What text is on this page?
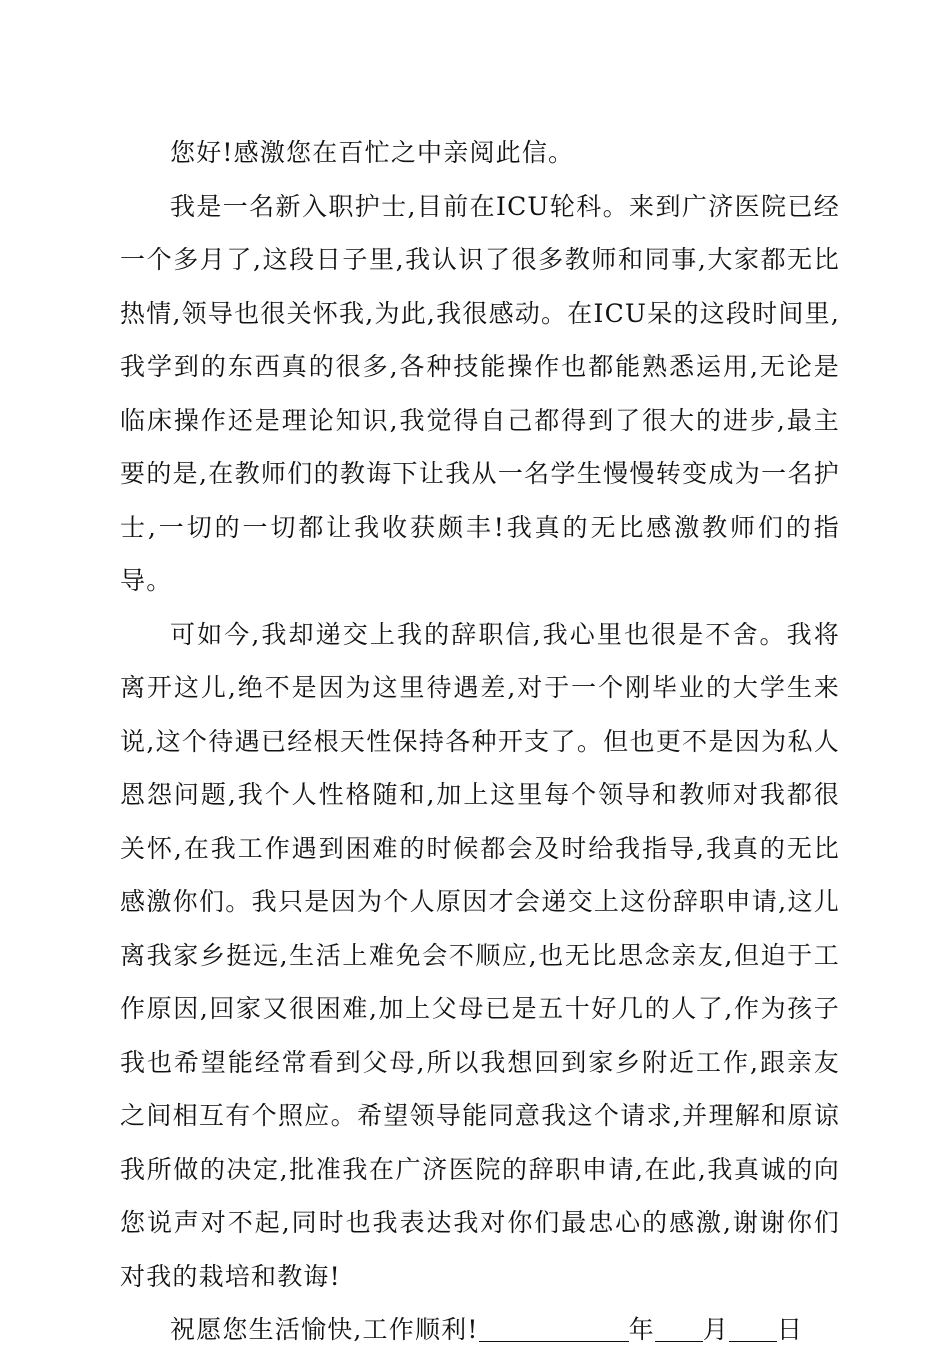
您好!感激您在百忙之中亲阅此信。

我是一名新入职护士,目前在ICU轮科。来到广济医院已经一个多月了,这段日子里,我认识了很多教师和同事,大家都无比热情,领导也很关怀我,为此,我很感动。在ICU呆的这段时间里,我学到的东西真的很多,各种技能操作也都能熟悉运用,无论是临床操作还是理论知识,我觉得自己都得到了很大的进步,最主要的是,在教师们的教诲下让我从一名学生慢慢转变成为一名护士,一切的一切都让我收获颇丰!我真的无比感激教师们的指导。

可如今,我却递交上我的辞职信,我心里也很是不舍。我将离开这儿,绝不是因为这里待遇差,对于一个刚毕业的大学生来说,这个待遇已经根天性保持各种开支了。但也更不是因为私人恩怨问题,我个人性格随和,加上这里每个领导和教师对我都很关怀,在我工作遇到困难的时候都会及时给我指导,我真的无比感激你们。我只是因为个人原因才会递交上这份辞职申请,这儿离我家乡挺远,生活上难免会不顺应,也无比思念亲友,但迫于工作原因,回家又很困难,加上父母已是五十好几的人了,作为孩子我也希望能经常看到父母,所以我想回到家乡附近工作,跟亲友之间相互有个照应。希望领导能同意我这个请求,并理解和原谅我所做的决定,批准我在广济医院的辞职申请,在此,我真诚的向您说声对不起,同时也我表达我对你们最忠心的感激,谢谢你们对我的栽培和教诲!

祝愿您生活愉快,工作顺利!	年 月 日
